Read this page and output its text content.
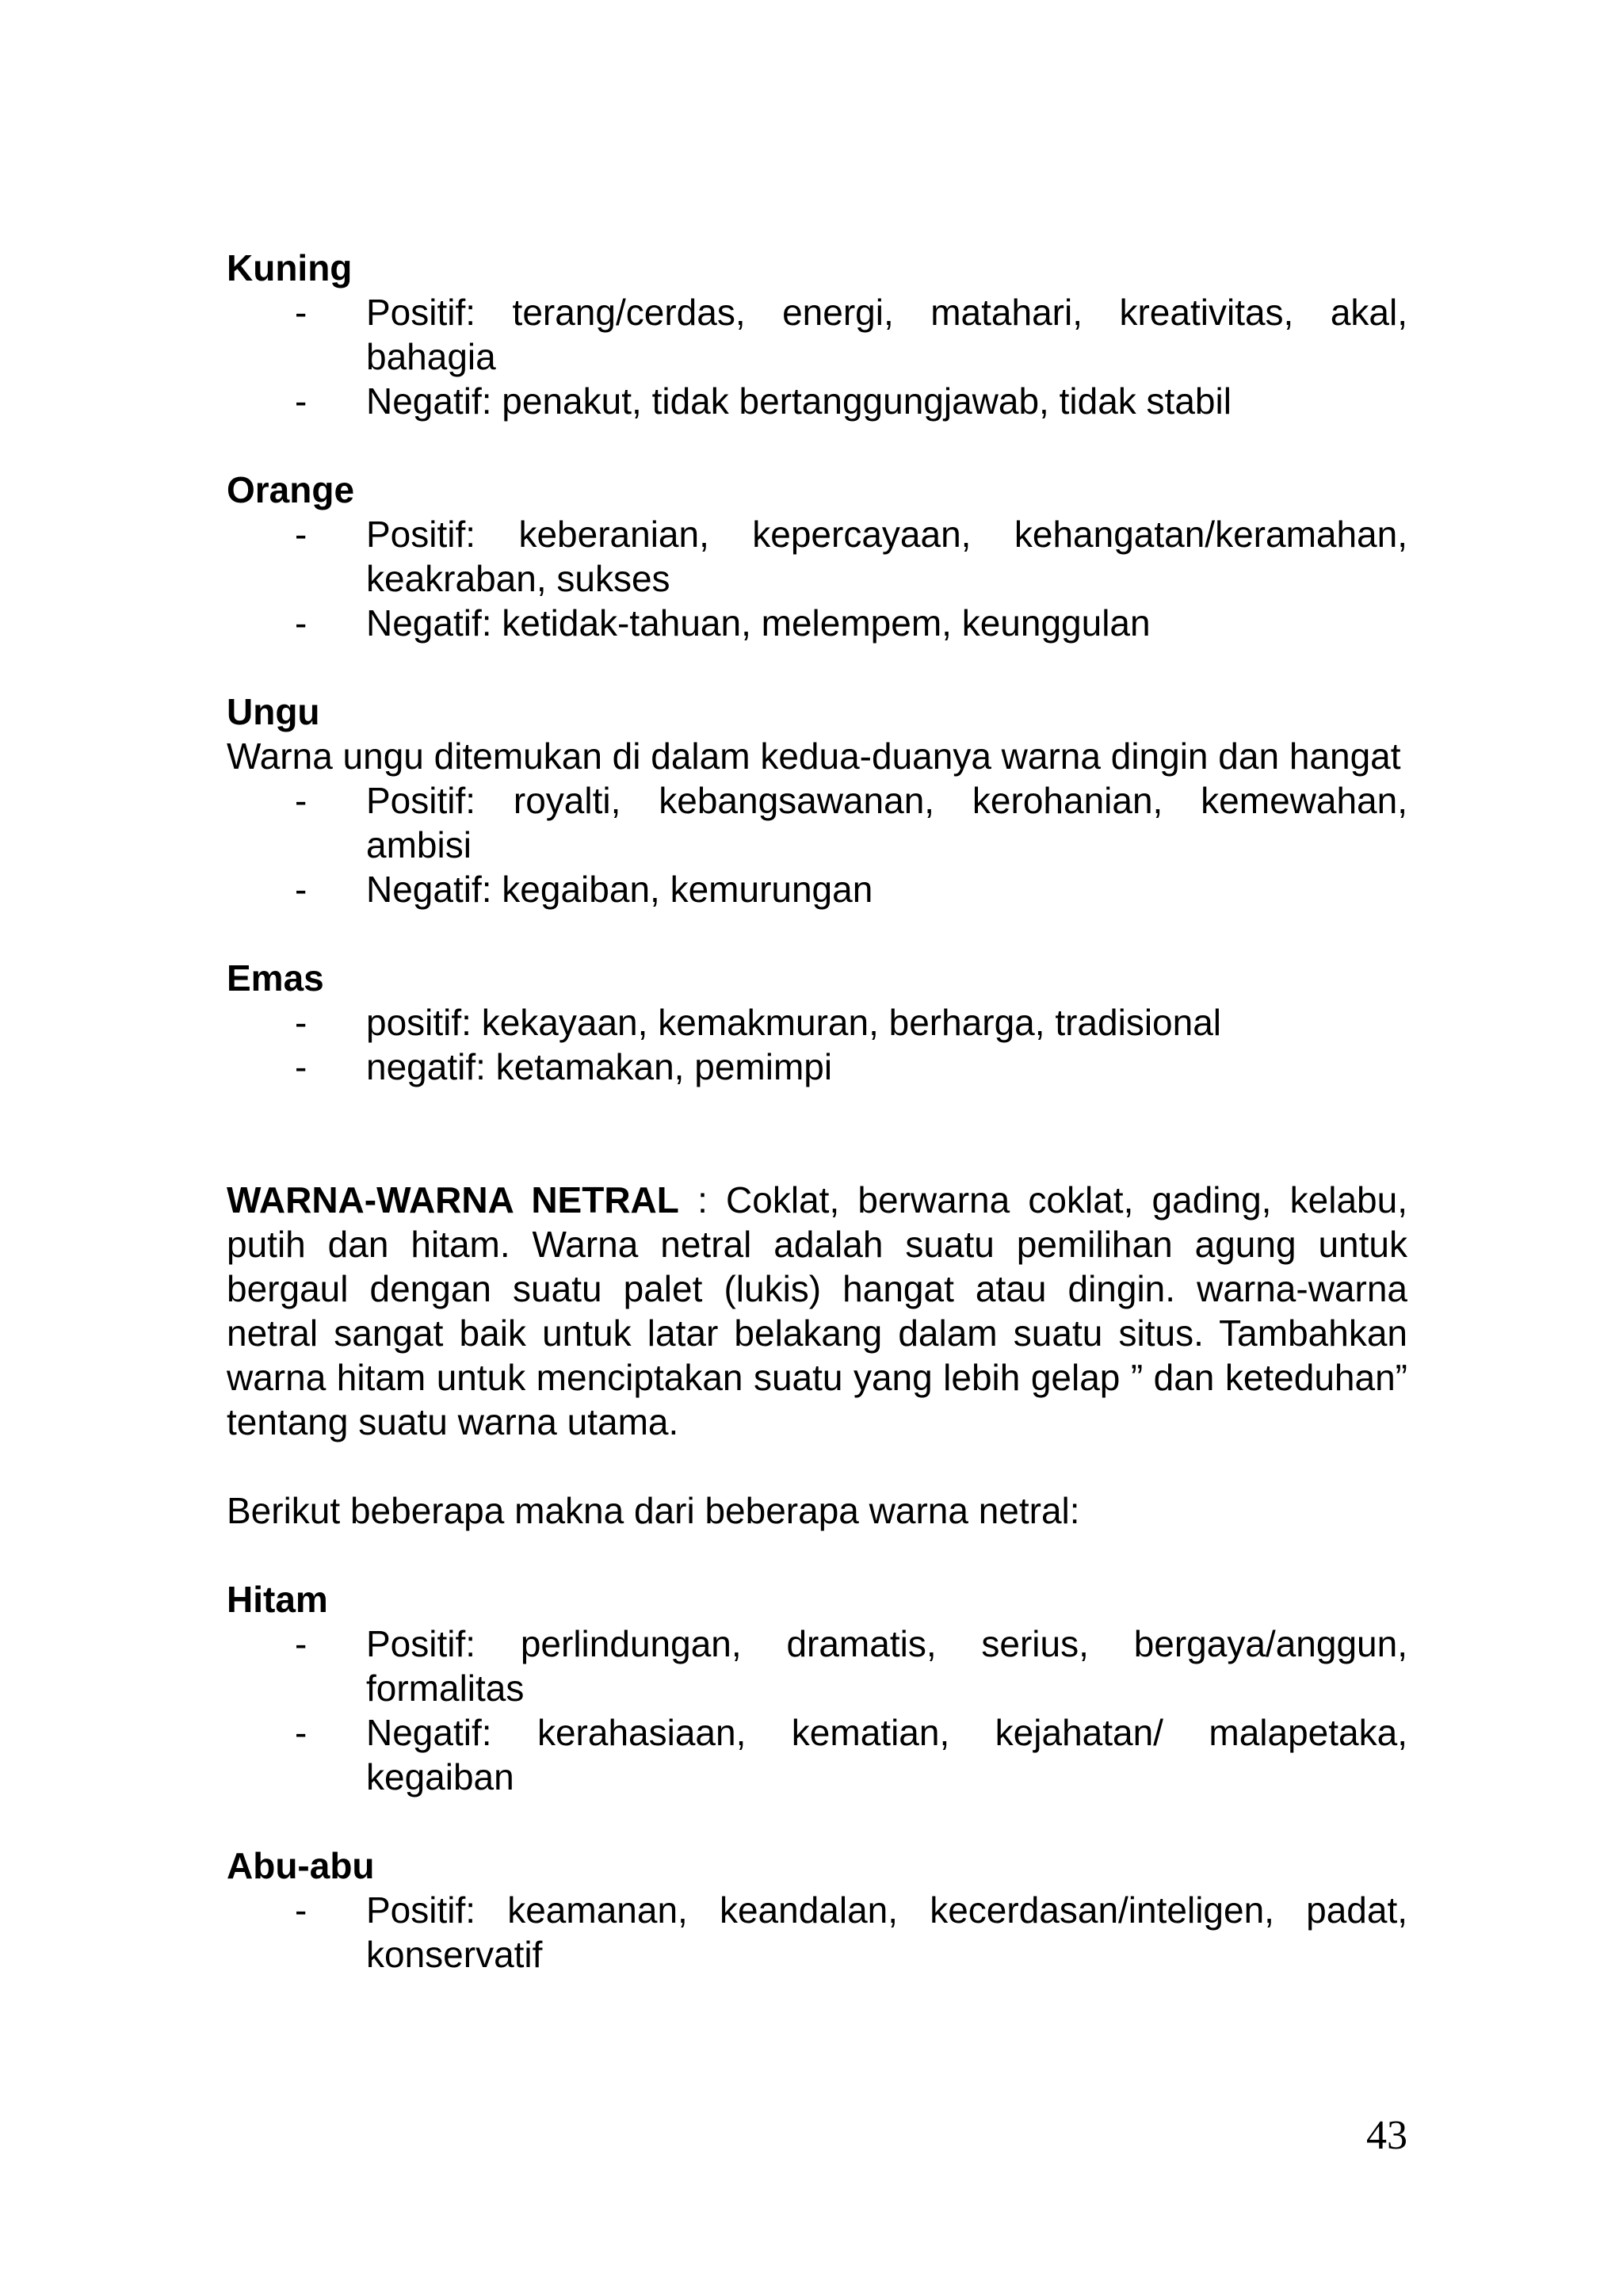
Kuning
- Positif: terang/cerdas, energi, matahari, kreativitas, akal, bahagia
- Negatif: penakut, tidak bertanggungjawab, tidak stabil
Orange
- Positif: keberanian, kepercayaan, kehangatan/keramahan, keakraban, sukses
- Negatif: ketidak-tahuan, melempem, keunggulan
Ungu

Warna ungu ditemukan di dalam kedua-duanya warna dingin dan hangat

- Positif: royalti, kebangsawanan, kerohanian, kemewahan, ambisi
- Negatif: kegaiban, kemurungan
Emas
- positif: kekayaan, kemakmuran, berharga, tradisional
- negatif: ketamakan, pemimpi

WARNA-WARNA NETRAL : Coklat, berwarna coklat, gading, kelabu, putih dan hitam. Warna netral adalah suatu pemilihan agung untuk bergaul dengan suatu palet (lukis) hangat atau dingin. warna-warna netral sangat baik untuk latar belakang dalam suatu situs. Tambahkan warna hitam untuk menciptakan suatu yang lebih gelap ” dan keteduhan” tentang suatu warna utama.

Berikut beberapa makna dari beberapa warna netral:

Hitam
- Positif: perlindungan, dramatis, serius, bergaya/anggun, formalitas
- Negatif: kerahasiaan, kematian, kejahatan/ malapetaka, kegaiban
Abu-abu
- Positif: keamanan, keandalan, kecerdasan/inteligen, padat, konservatif
43
